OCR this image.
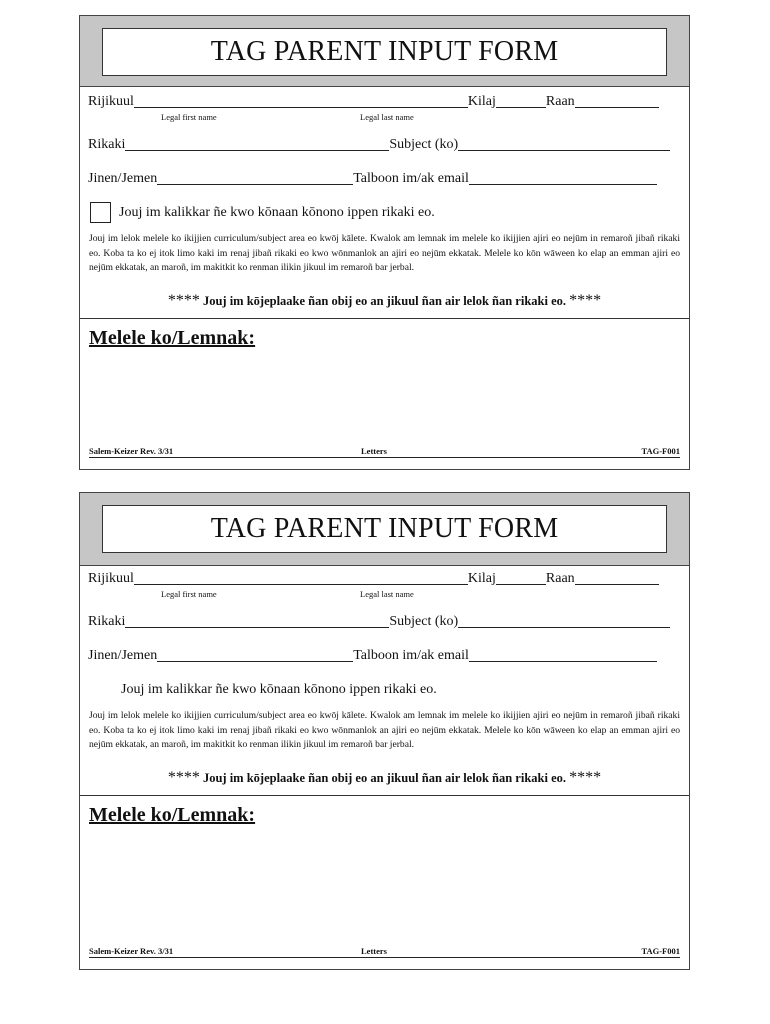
TAG PARENT INPUT FORM
Rijikuul	Kilaj	Raan
Legal first name	Legal last name
Rikaki	Subject (ko)
Jinen/Jemen	Talboon im/ak email
Jouj im kalikkar ñe kwo kōnaan kōnono ippen rikaki eo.
Jouj im lelok melele ko ikijjien curriculum/subject area eo kwōj kālete. Kwalok am lemnak im melele ko ikijjien ajiri eo nejūm in remaroñ jibañ rikaki eo. Koba ta ko ej itok limo kaki im renaj jibañ rikaki eo kwo wōnmanlok an ajiri eo nejūm ekkatak. Melele ko kōn wāween ko elap an emman ajiri eo nejūm ekkatak, an maroñ, im makitkit ko renman ilikin jikuul im remaroñ bar jerbal.
**** Jouj im kōjeplaake ñan obij eo an jikuul ñan air lelok ñan rikaki eo. ****
Melele ko/Lemnak:
Salem-Keizer Rev. 3/31	Letters	TAG-F001
TAG PARENT INPUT FORM
Rijikuul	Kilaj	Raan
Legal first name	Legal last name
Rikaki	Subject (ko)
Jinen/Jemen	Talboon im/ak email
Jouj im kalikkar ñe kwo kōnaan kōnono ippen rikaki eo.
Jouj im lelok melele ko ikijjien curriculum/subject area eo kwōj kālete. Kwalok am lemnak im melele ko ikijjien ajiri eo nejūm in remaroñ jibañ rikaki eo. Koba ta ko ej itok limo kaki im renaj jibañ rikaki eo kwo wōnmanlok an ajiri eo nejūm ekkatak. Melele ko kōn wāween ko elap an emman ajiri eo nejūm ekkatak, an maroñ, im makitkit ko renman ilikin jikuul im remaroñ bar jerbal.
**** Jouj im kōjeplaake ñan obij eo an jikuul ñan air lelok ñan rikaki eo. ****
Melele ko/Lemnak:
Salem-Keizer Rev. 3/31	Letters	TAG-F001
